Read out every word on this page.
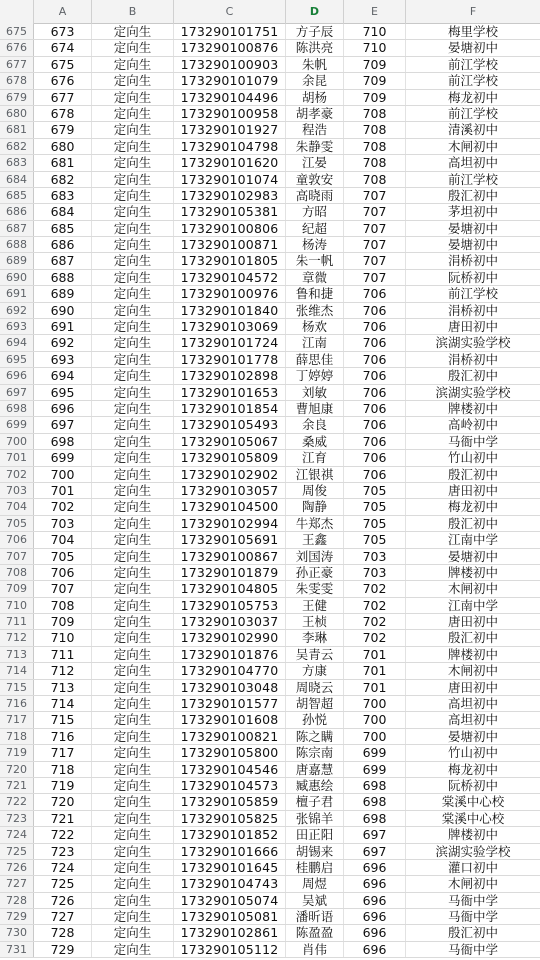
A	B	C	D	E	F
675	673	定向生	173290101751	方子辰	710	梅里学校
676	674	定向生	173290100876	陈洪亮	710	晏塘初中
677	675	定向生	173290100903	朱帆	709	前江学校
678	676	定向生	173290101079	余昆	709	前江学校
679	677	定向生	173290104496	胡杨	709	梅龙初中
680	678	定向生	173290100958	胡孝豪	708	前江学校
681	679	定向生	173290101927	程浩	708	清溪初中
682	680	定向生	173290104798	朱静雯	708	木闸初中
683	681	定向生	173290101620	江晏	708	高坦初中
684	682	定向生	173290101074	童敦安	708	前江学校
685	683	定向生	173290102983	高晓雨	707	殷汇初中
686	684	定向生	173290105381	方昭	707	茅坦初中
687	685	定向生	173290100806	纪超	707	晏塘初中
688	686	定向生	173290100871	杨涛	707	晏塘初中
689	687	定向生	173290101805	朱一帆	707	涓桥初中
690	688	定向生	173290104572	章微	707	阮桥初中
691	689	定向生	173290100976	鲁和捷	706	前江学校
692	690	定向生	173290101840	张维杰	706	涓桥初中
693	691	定向生	173290103069	杨欢	706	唐田初中
694	692	定向生	173290101724	江南	706	滨湖实验学校
695	693	定向生	173290101778	薛思佳	706	涓桥初中
696	694	定向生	173290102898	丁婷婷	706	殷汇初中
697	695	定向生	173290101653	刘敏	706	滨湖实验学校
698	696	定向生	173290101854	曹旭康	706	牌楼初中
699	697	定向生	173290105493	余良	706	高岭初中
700	698	定向生	173290105067	桑威	706	马衙中学
701	699	定向生	173290105809	江育	706	竹山初中
702	700	定向生	173290102902	江银祺	706	殷汇初中
703	701	定向生	173290103057	周俊	705	唐田初中
704	702	定向生	173290104500	陶静	705	梅龙初中
705	703	定向生	173290102994	牛郑杰	705	殷汇初中
706	704	定向生	173290105691	王鑫	705	江南中学
707	705	定向生	173290100867	刘国涛	703	晏塘初中
708	706	定向生	173290101879	孙正豪	703	牌楼初中
709	707	定向生	173290104805	朱雯雯	702	木闸初中
710	708	定向生	173290105753	王健	702	江南中学
711	709	定向生	173290103037	王桢	702	唐田初中
712	710	定向生	173290102990	李琳	702	殷汇初中
713	711	定向生	173290101876	吴青云	701	牌楼初中
714	712	定向生	173290104770	方康	701	木闸初中
715	713	定向生	173290103048	周晓云	701	唐田初中
716	714	定向生	173290101577	胡智超	700	高坦初中
717	715	定向生	173290101608	孙悦	700	高坦初中
718	716	定向生	173290100821	陈之瞒	700	晏塘初中
719	717	定向生	173290105800	陈宗南	699	竹山初中
720	718	定向生	173290104546	唐嘉慧	699	梅龙初中
721	719	定向生	173290104573	臧惠绘	698	阮桥初中
722	720	定向生	173290105859	檀子君	698	棠溪中心校
723	721	定向生	173290105825	张锦羊	698	棠溪中心校
724	722	定向生	173290101852	田正阳	697	牌楼初中
725	723	定向生	173290101666	胡锡来	697	滨湖实验学校
726	724	定向生	173290101645	桂鹏启	696	灌口初中
727	725	定向生	173290104743	周煜	696	木闸初中
728	726	定向生	173290105074	吴斌	696	马衙中学
729	727	定向生	173290105081	潘昕语	696	马衙中学
730	728	定向生	173290102861	陈盈盈	696	殷汇初中
731	729	定向生	173290105112	肖伟	696	马衙中学
